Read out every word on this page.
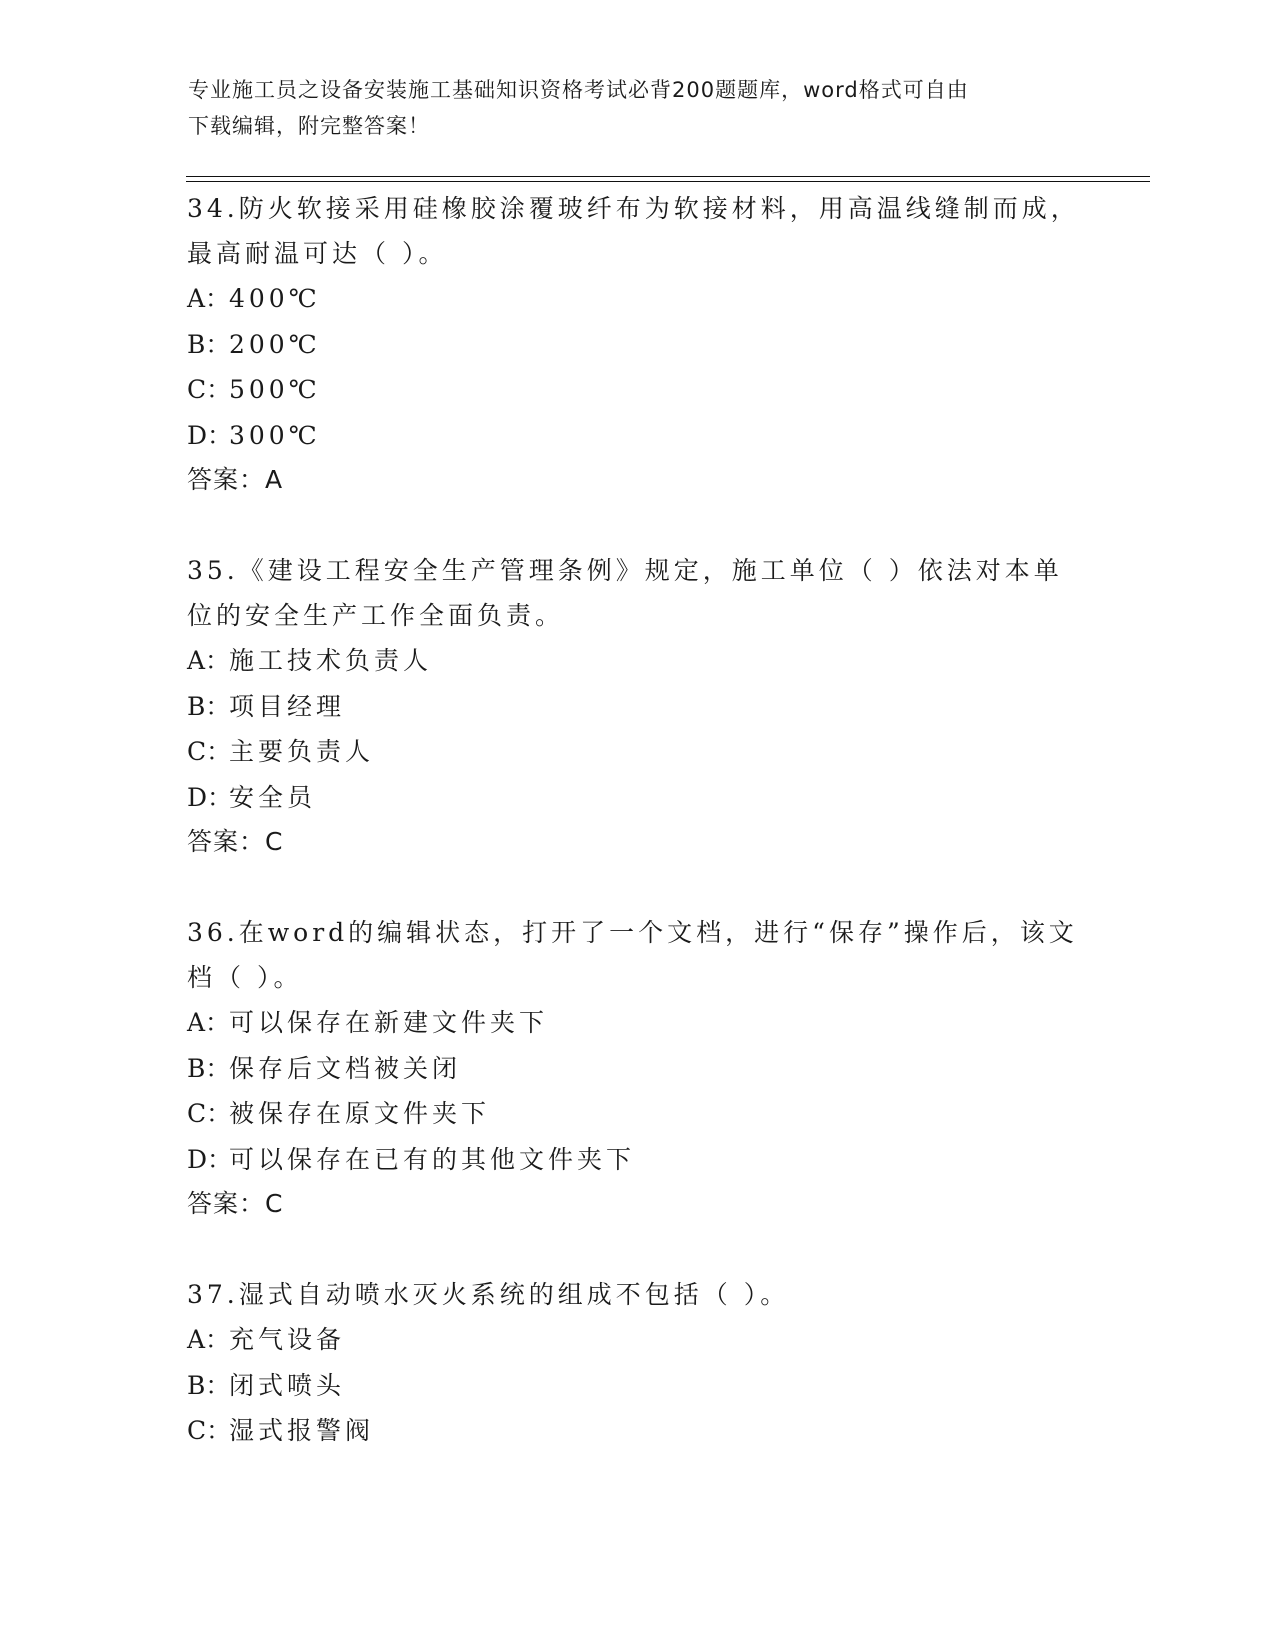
专业施工员之设备安装施工基础知识资格考试必背200题题库，word格式可自由
下载编辑，附完整答案！
34.防火软接采用硅橡胶涂覆玻纤布为软接材料，用高温线缝制而成，最高耐温可达（ ）。
A：400℃
B：200℃
C：500℃
D：300℃
答案：A
35.《建设工程安全生产管理条例》规定，施工单位（ ）依法对本单位的安全生产工作全面负责。
A：施工技术负责人
B：项目经理
C：主要负责人
D：安全员
答案：C
36.在word的编辑状态，打开了一个文档，进行“保存”操作后，该文档（ ）。
A：可以保存在新建文件夹下
B：保存后文档被关闭
C：被保存在原文件夹下
D：可以保存在已有的其他文件夹下
答案：C
37.湿式自动喷水灭火系统的组成不包括（ ）。
A：充气设备
B：闭式喷头
C：湿式报警阀
